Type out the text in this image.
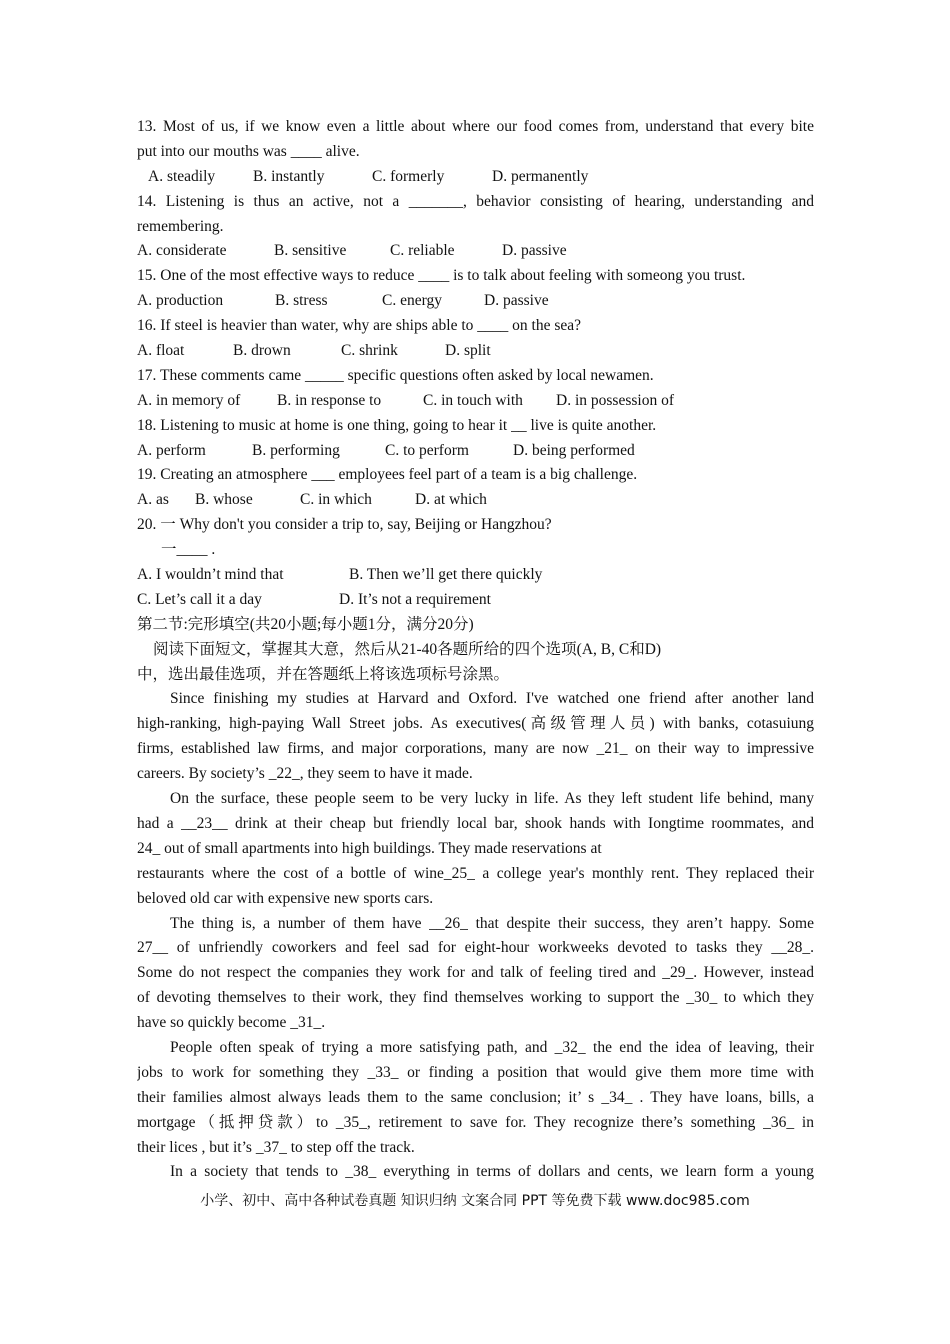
13. Most of us, if we know even a little about where our food comes from, understand that every bite
put into our mouths was ____ alive.
A. steadily B. instantly	C. formerly	D. permanently
14. Listening is thus an active, not a _______, behavior consisting of hearing, understanding and
remembering.
A. considerate	B. sensitive	C. reliable	D. passive
15. One of the most effective ways to reduce ____ is to talk about feeling with someong you trust.
A. production	B. stress	C. energy	D. passive
16. If steel is heavier than water, why are ships able to ____ on the sea?
A. float	B. drown	C. shrink	D. split
17. These comments came _____ specific questions often asked by local newamen.
A. in memory of B. in response to	C. in touch with D. in possession of
18. Listening to music at home is one thing, going to hear it __ live is quite another.
A. perform	B. performing	C. to perform	D. being performed
19. Creating an atmosphere ___ employees feel part of a team is a big challenge.
A. as B. whose	C. in which	D. at which
20. 一 Why don't you consider a trip to, say, Beijing or Hangzhou?
一____ .
A. I wouldn’t mind that	B. Then we’ll get there quickly
C. Let’s call it a day	D. It’s not a requirement
第二节:完形填空(共20小题;每小题1分，满分20分)
阅读下面短文，掌握其大意，然后从21-40各题所给的四个选项(A, B, C和D)
中，选出最佳选项，并在答题纸上将该选项标号涂黑。
Since finishing my studies at Harvard and Oxford. I've watched one friend after another land
high-ranking, high-paying Wall Street jobs. As executives(高级管理人员) with banks, cotasuiung
firms, established law firms, and major corporations, many are now _21_ on their way to impressive
careers. By society’s _22_, they seem to have it made.
On the surface, these people seem to be very lucky in life. As they left student life behind, many
had a __23__ drink at their cheap but friendly local bar, shook hands with Iongtime roommates, and
24_ out of small apartments into high buildings. They made reservations at
restaurants where the cost of a bottle of wine_25_ a college year's monthly rent. They replaced their
beloved old car with expensive new sports cars.
The thing is, a number of them have __26_ that despite their success, they aren’t happy. Some
27__ of unfriendly coworkers and feel sad for eight-hour workweeks devoted to tasks they __28_.
Some do not respect the companies they work for and talk of feeling tired and _29_. However, instead
of devoting themselves to their work, they find themselves working to support the _30_ to which they
have so quickly become _31_.
People often speak of trying a more satisfying path, and _32_ the end the idea of leaving, their
jobs to work for something they _33_ or finding a position that would give them more time with
their families almost always leads them to the same conclusion; it’ s _34_ . They have loans, bills, a
mortgage（抵押贷款）to _35_, retirement to save for. They recognize there’s something _36_ in
their lices , but it’s _37_ to step off the track.
In a society that tends to _38_ everything in terms of dollars and cents, we learn form a young
小学、初中、高中各种试卷真题 知识归纳 文案合同 PPT 等免费下载 www.doc985.com
